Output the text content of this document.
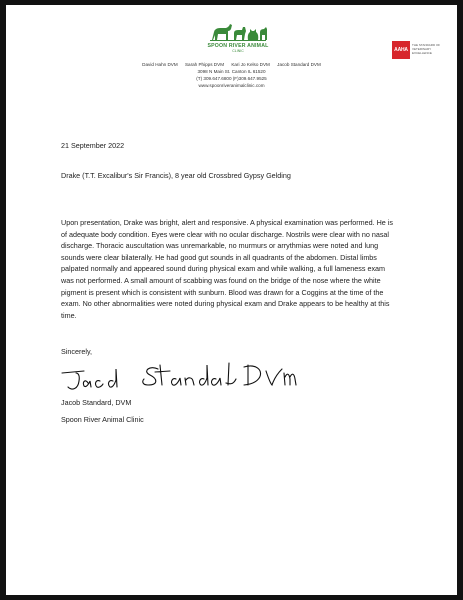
SPOON RIVER ANIMAL
CLINIC	AAHA
THE STANDARD OF VETERINARY EXCELLENCE
David Hahn DVM Sarah Phipps DVM Kari Jo Kelso DVM Jacob Standard DVM
3098 N Main St. Canton IL 61520
(T) 309.647.6800 (F)309.647.9525
www.spoonriveranimalclinic.com
21 September 2022
Drake (T.T. Excalibur's Sir Francis), 8 year old Crossbred Gypsy Gelding

Upon presentation, Drake was bright, alert and responsive. A physical examination was performed. He is

of adequate body condition. Eyes were clear with no ocular discharge. Nostrils were clear with no nasal

discharge. Thoracic auscultation was unremarkable, no murmurs or arrythmias were noted and lung

sounds were clear bilaterally. He had good gut sounds in all quadrants of the abdomen. Distal limbs

palpated normally and appeared sound during physical exam and while walking, a full lameness exam

was not performed. A small amount of scabbing was found on the bridge of the nose where the white

pigment is present which is consistent with sunburn. Blood was drawn for a Coggins at the time of the

exam. No other abnormalities were noted during physical exam and Drake appears to be healthy at this

time.

Sincerely,
Jacob Standard, DVM
Spoon River Animal Clinic
